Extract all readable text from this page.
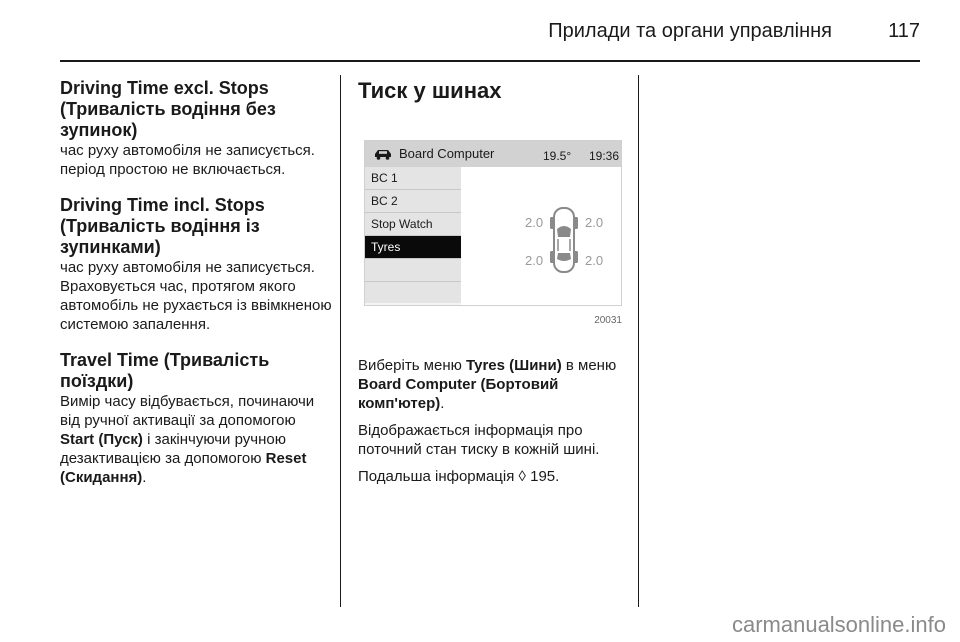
Прилади та органи управління	117

Driving Time excl. Stops (Тривалість водіння без зупинок)

час руху автомобіля не записується. період простою не включається.

Driving Time incl. Stops (Тривалість водіння із зупинками)

час руху автомобіля не записується. Враховується час, протягом якого автомобіль не рухається із ввімкненою системою запалення.

Travel Time (Тривалість поїздки)

Вимір часу відбувається, починаючи від ручної активації за допомогою Start (Пуск) і закінчуючи ручною дезактивацією за допомогою Reset (Скидання).

Тиск у шинах

Board Computer	19.5° 19:36
BC 1
BC 2
Stop Watch
Tyres
2.0	2.0
2.0	2.0
20031

Виберіть меню Tyres (Шини) в меню Board Computer (Бортовий комп'ютер).

Відображається інформація про поточний стан тиску в кожній шині.

Подальша інформація ◊ 195.

carmanualsonline.info
